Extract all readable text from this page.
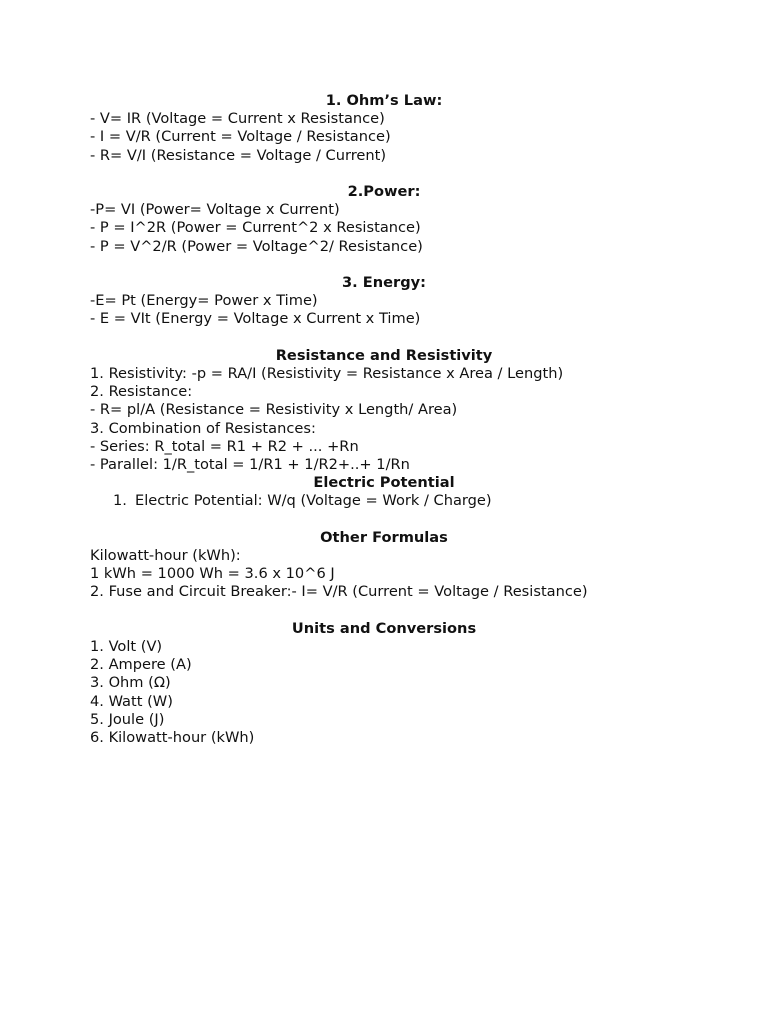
1. Ohm’s Law:

- V= IR (Voltage = Current x Resistance)

- I = V/R (Current = Voltage / Resistance)

- R= V/I (Resistance = Voltage / Current)

2.Power:

-P= VI (Power= Voltage x Current)

- P = I^2R (Power = Current^2 x Resistance)

- P = V^2/R (Power = Voltage^2/ Resistance)

3. Energy:

-E= Pt (Energy= Power x Time)

- E = VIt (Energy = Voltage x Current x Time)

Resistance and Resistivity

1. Resistivity: -p = RA/I (Resistivity = Resistance x Area / Length)

2. Resistance:

- R= pl/A (Resistance = Resistivity x Length/ Area)

3. Combination of Resistances:

- Series: R_total = R1 + R2 + ... +Rn

- Parallel: 1/R_total = 1/R1 + 1/R2+..+ 1/Rn

Electric Potential

1. Electric Potential: W/q (Voltage = Work / Charge)

Other Formulas

Kilowatt-hour (kWh):

1 kWh = 1000 Wh = 3.6 x 10^6 J

2. Fuse and Circuit Breaker:- I= V/R (Current = Voltage / Resistance)

Units and Conversions

1. Volt (V)

2. Ampere (A)

3. Ohm (Ω)

4. Watt (W)

5. Joule (J)

6. Kilowatt-hour (kWh)
